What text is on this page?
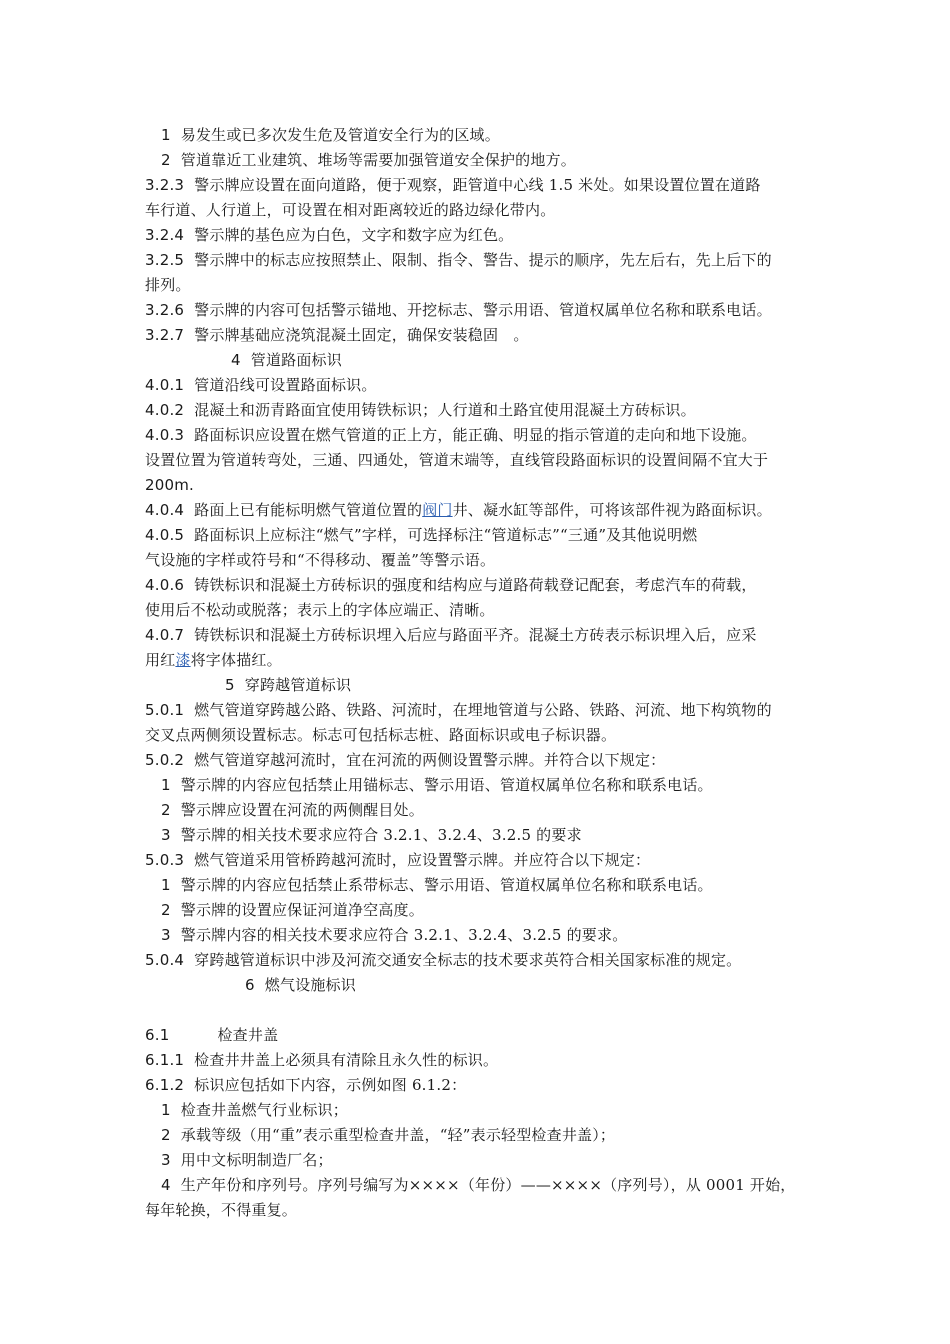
1 易发生或已多次发生危及管道安全行为的区域。
2 管道靠近工业建筑、堆场等需要加强管道安全保护的地方。
3.2.3 警示牌应设置在面向道路，便于观察，距管道中心线 1.5 米处。如果设置位置在道路
车行道、人行道上，可设置在相对距离较近的路边绿化带内。
3.2.4 警示牌的基色应为白色，文字和数字应为红色。
3.2.5 警示牌中的标志应按照禁止、限制、指令、警告、提示的顺序，先左后右，先上后下的
排列。
3.2.6 警示牌的内容可包括警示锚地、开挖标志、警示用语、管道权属单位名称和联系电话。
3.2.7 警示牌基础应浇筑混凝土固定，确保安装稳固　。
4 管道路面标识
4.0.1 管道沿线可设置路面标识。
4.0.2 混凝土和沥青路面宜使用铸铁标识；人行道和土路宜使用混凝土方砖标识。
4.0.3 路面标识应设置在燃气管道的正上方，能正确、明显的指示管道的走向和地下设施。
设置位置为管道转弯处，三通、四通处，管道末端等，直线管段路面标识的设置间隔不宜大于
200m.
4.0.4 路面上已有能标明燃气管道位置的阀门井、凝水缸等部件，可将该部件视为路面标识。
4.0.5 路面标识上应标注“燃气”字样，可选择标注“管道标志”“三通”及其他说明燃
气设施的字样或符号和“不得移动、覆盖”等警示语。
4.0.6 铸铁标识和混凝土方砖标识的强度和结构应与道路荷载登记配套，考虑汽车的荷载，
使用后不松动或脱落；表示上的字体应端正、清晰。
4.0.7 铸铁标识和混凝土方砖标识埋入后应与路面平齐。混凝土方砖表示标识埋入后，应采
用红漆将字体描红。
5 穿跨越管道标识
5.0.1 燃气管道穿跨越公路、铁路、河流时，在埋地管道与公路、铁路、河流、地下构筑物的
交叉点两侧须设置标志。标志可包括标志桩、路面标识或电子标识器。
5.0.2 燃气管道穿越河流时，宜在河流的两侧设置警示牌。并符合以下规定：
1 警示牌的内容应包括禁止用锚标志、警示用语、管道权属单位名称和联系电话。
2 警示牌应设置在河流的两侧醒目处。
3 警示牌的相关技术要求应符合 3.2.1、3.2.4、3.2.5 的要求
5.0.3 燃气管道采用管桥跨越河流时，应设置警示牌。并应符合以下规定：
1 警示牌的内容应包括禁止系带标志、警示用语、管道权属单位名称和联系电话。
2 警示牌的设置应保证河道净空高度。
3 警示牌内容的相关技术要求应符合 3.2.1、3.2.4、3.2.5 的要求。
5.0.4 穿跨越管道标识中涉及河流交通安全标志的技术要求英符合相关国家标准的规定。
6 燃气设施标识
6.1	检查井盖
6.1.1 检查井井盖上必须具有清除且永久性的标识。
6.1.2 标识应包括如下内容，示例如图 6.1.2：
1 检查井盖燃气行业标识；
2 承载等级（用“重”表示重型检查井盖，“轻”表示轻型检查井盖）；
3 用中文标明制造厂名；
4 生产年份和序列号。序列号编写为××××（年份）——××××（序列号），从 0001 开始，
每年轮换，不得重复。
